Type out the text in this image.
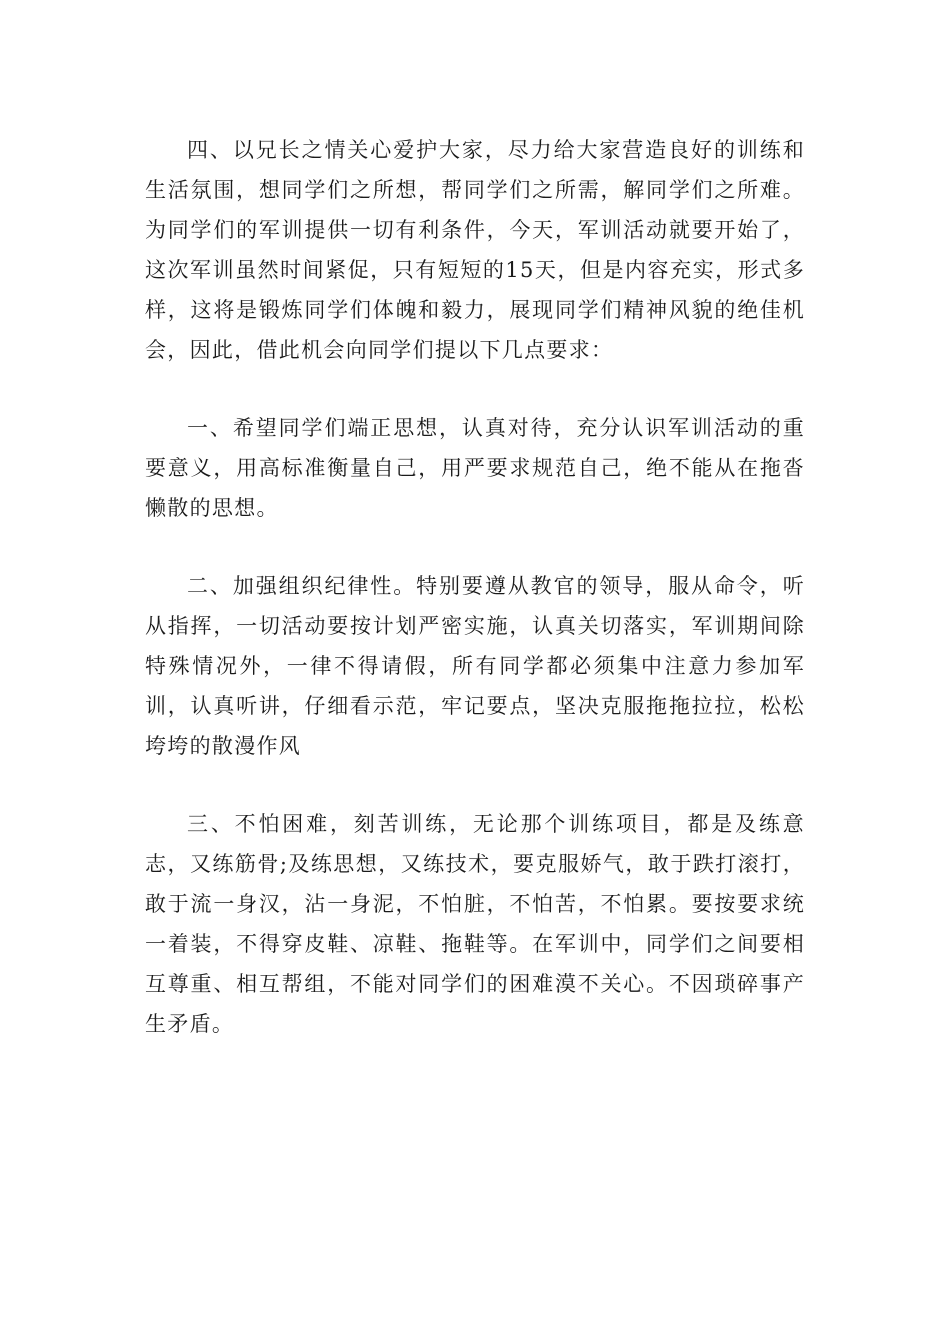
四、以兄长之情关心爱护大家，尽力给大家营造良好的训练和生活氛围，想同学们之所想，帮同学们之所需，解同学们之所难。为同学们的军训提供一切有利条件，今天，军训活动就要开始了，这次军训虽然时间紧促，只有短短的15天，但是内容充实，形式多样，这将是锻炼同学们体魄和毅力，展现同学们精神风貌的绝佳机会，因此，借此机会向同学们提以下几点要求：

一、希望同学们端正思想，认真对待，充分认识军训活动的重要意义，用高标准衡量自己，用严要求规范自己，绝不能从在拖沓懒散的思想。

二、加强组织纪律性。特别要遵从教官的领导，服从命令，听从指挥，一切活动要按计划严密实施，认真关切落实，军训期间除特殊情况外，一律不得请假，所有同学都必须集中注意力参加军训，认真听讲，仔细看示范，牢记要点，坚决克服拖拖拉拉，松松垮垮的散漫作风

三、不怕困难，刻苦训练，无论那个训练项目，都是及练意志，又练筋骨;及练思想，又练技术，要克服娇气，敢于跌打滚打，敢于流一身汉，沾一身泥，不怕脏，不怕苦，不怕累。要按要求统一着装，不得穿皮鞋、凉鞋、拖鞋等。在军训中，同学们之间要相互尊重、相互帮组，不能对同学们的困难漠不关心。不因琐碎事产生矛盾。
